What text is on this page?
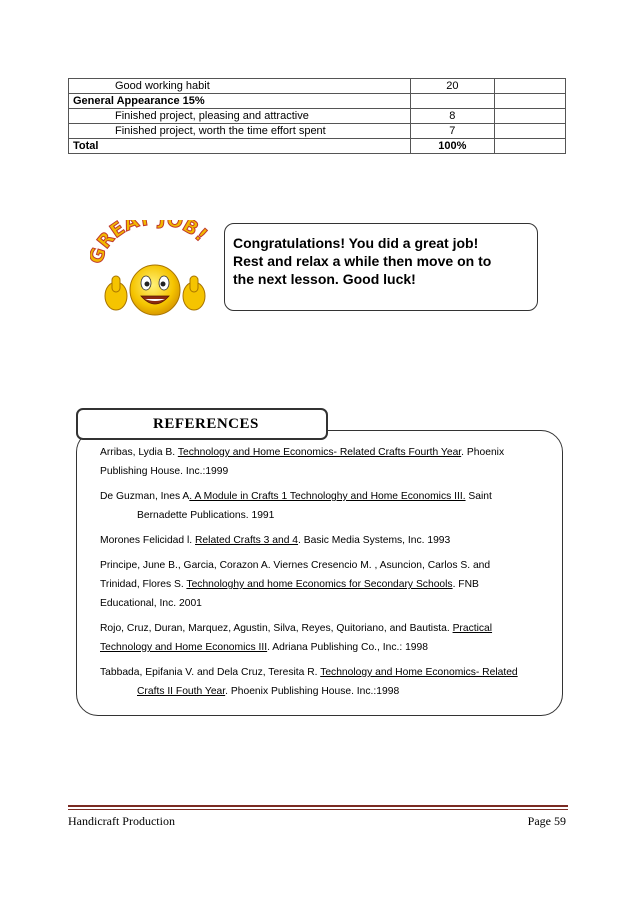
Good working habit	20	
General Appearance 15%		
Finished project, pleasing and attractive	8	
Finished project, worth the time effort spent	7	
Total	100%	
REA OB! Congratulations! You did a great job!
Rest and relax a while then move on to
the next lesson. Good luck!
REFERENCES

Arribas, Lydia B. Technology and Home Economics- Related Crafts Fourth Year. Phoenix
Publishing House. Inc.:1999

De Guzman, Ines A. A Module in Crafts 1 Technologhy and Home Economics III. Saint
Bernadette Publications. 1991

Morones Felicidad l. Related Crafts 3 and 4. Basic Media Systems, Inc. 1993

Principe, June B., Garcia, Corazon A. Viernes Cresencio M. , Asuncion, Carlos S. and
Trinidad, Flores S. Technologhy and home Economics for Secondary Schools. FNB
Educational, Inc. 2001

Rojo, Cruz, Duran, Marquez, Agustin, Silva, Reyes, Quitoriano, and Bautista. Practical
Technology and Home Economics III. Adriana Publishing Co., Inc.: 1998

Tabbada, Epifania V. and Dela Cruz, Teresita R. Technology and Home Economics- Related
Crafts II Fouth Year. Phoenix Publishing House. Inc.:1998

Handicraft Production	Page 59
